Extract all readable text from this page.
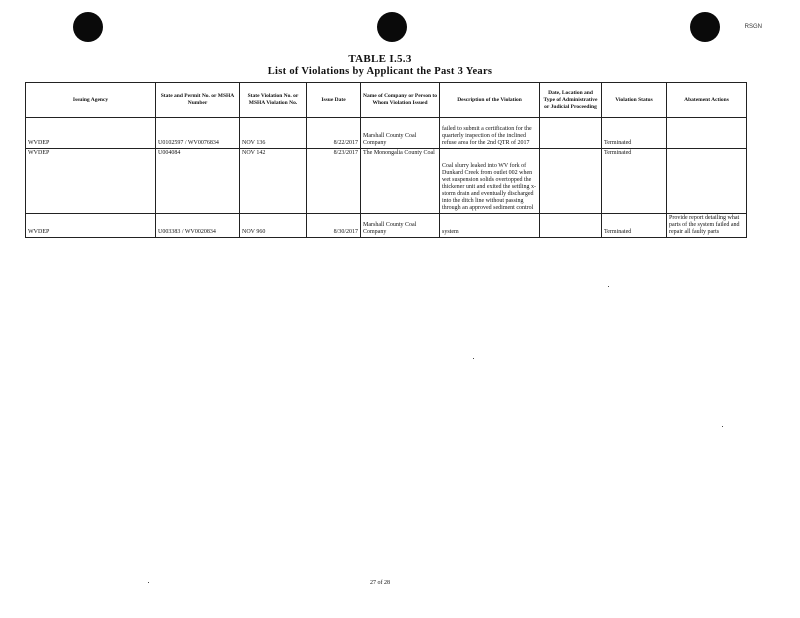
RSGN
TABLE I.5.3
List of Violations by Applicant the Past 3 Years
Issuing Agency	State and Permit No. or MSHA Number	State Violation No. or MSHA Violation No.	Issue Date	Name of Company or Person to Whom Violation Issued	Description of the Violation	Date, Location and Type of Administrative or Judicial Proceeding	Violation Status	Abatement Actions
WVDEP	U0102597 / WV0076834	NOV 136	8/22/2017	Marshall County Coal Company	failed to submit a certification for the quarterly inspection of the inclined refuse area for the 2nd QTR of 2017		Terminated	
WVDEP	U004084	NOV 142	8/23/2017	The Monongalia County Coal	Coal slurry leaked into WV fork of Dunkard Creek from outlet 002 when wet suspension solids overtopped the thickener unit and exited the settling x-storm drain and eventually discharged into the ditch line without passing through an approved sediment control		Terminated	
WVDEP	U003383 / WV0020834	NOV 960	8/30/2017	Marshall County Coal Company	system		Terminated	Provide report detailing what parts of the system failed and repair all faulty parts
27 of 28
